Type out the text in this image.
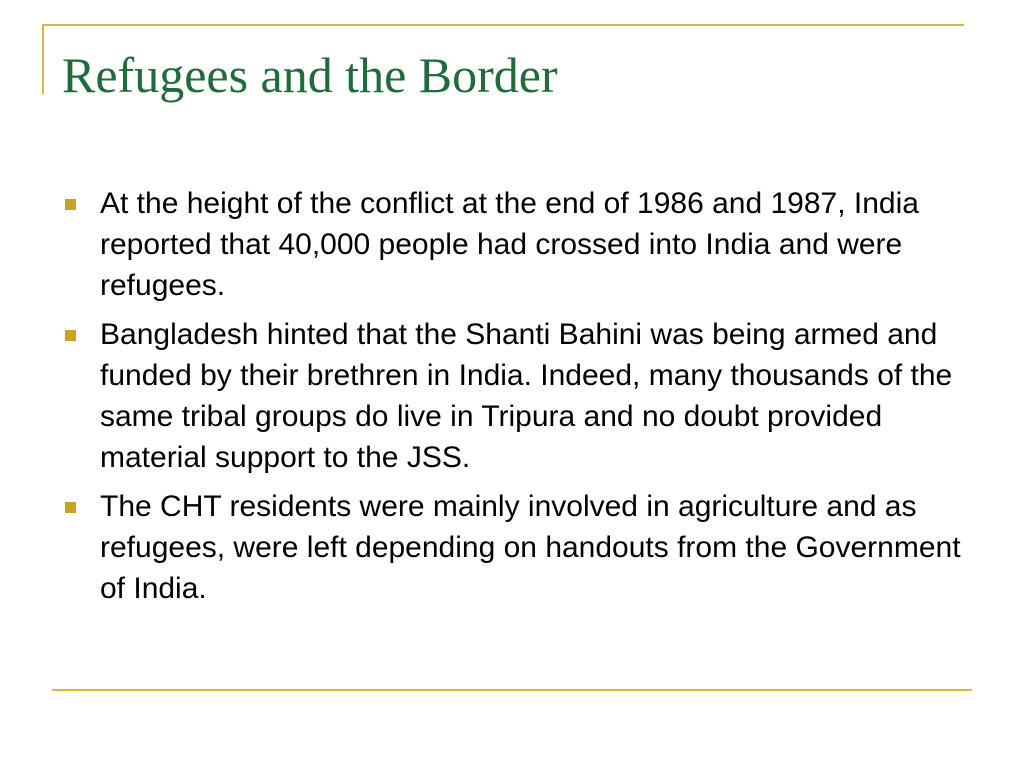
Refugees and the Border
At the height of the conflict at the end of 1986 and 1987, India reported that 40,000 people had crossed into India and were refugees.
Bangladesh hinted that the Shanti Bahini was being armed and funded by their brethren in India. Indeed, many thousands of the same tribal groups do live in Tripura and no doubt provided material support to the JSS.
The CHT residents were mainly involved in agriculture and as refugees, were left depending on handouts from the Government of India.
